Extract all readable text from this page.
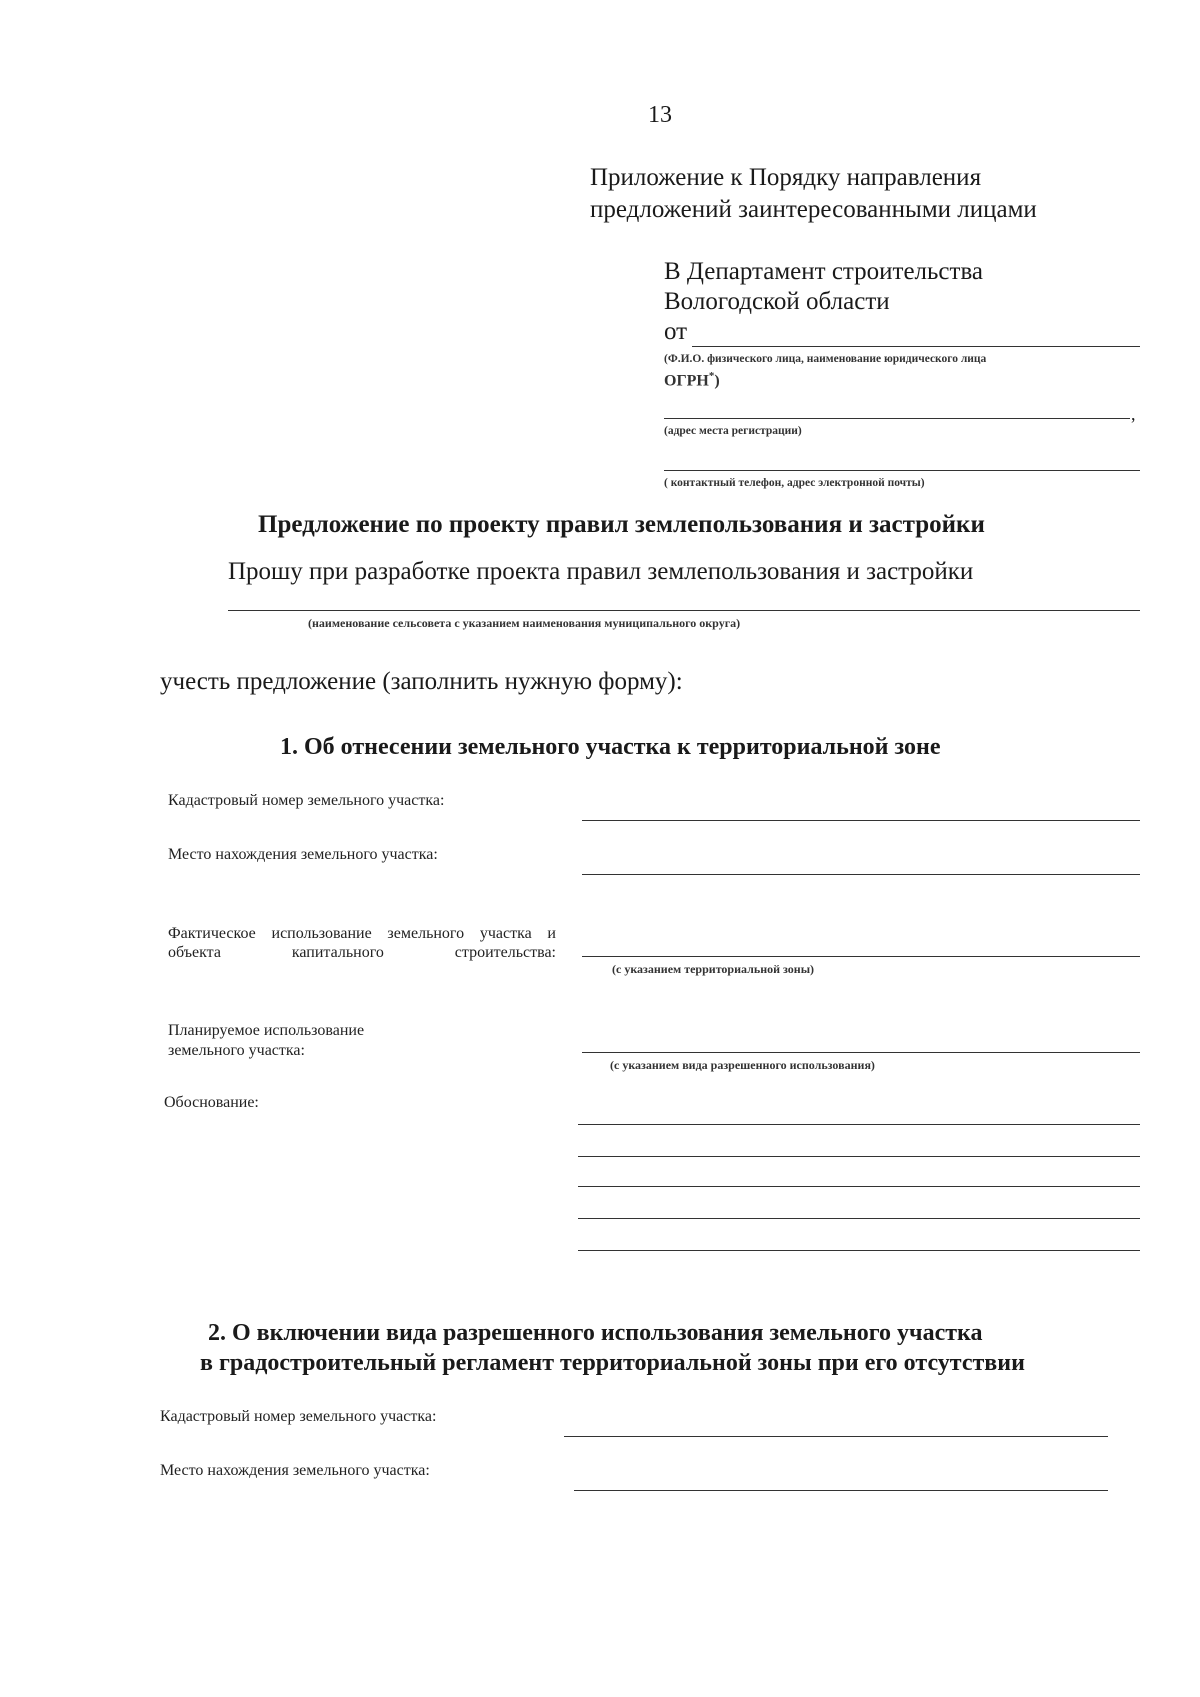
13
Приложение к Порядку направления
предложений заинтересованными лицами
В Департамент строительства
Вологодской области
от
(Ф.И.О. физического лица, наименование юридического лица
ОГРН*)
,
(адрес места регистрации)
( контактный телефон, адрес электронной почты)
Предложение по проекту правил землепользования и застройки
Прошу при разработке проекта правил землепользования и застройки
(наименование сельсовета с указанием наименования муниципального округа)
учесть предложение (заполнить нужную форму):
1. Об отнесении земельного участка к территориальной зоне
Кадастровый номер земельного участка:
Место нахождения земельного участка:
Фактическое использование земельного участка и объекта капитального строительства:
(с указанием территориальной зоны)
Планируемое использование
земельного участка:
(с указанием вида разрешенного использования)
Обоснование:
2. О включении вида разрешенного использования земельного участка
в градостроительный регламент территориальной зоны при его отсутствии
Кадастровый номер земельного участка:
Место нахождения земельного участка:
